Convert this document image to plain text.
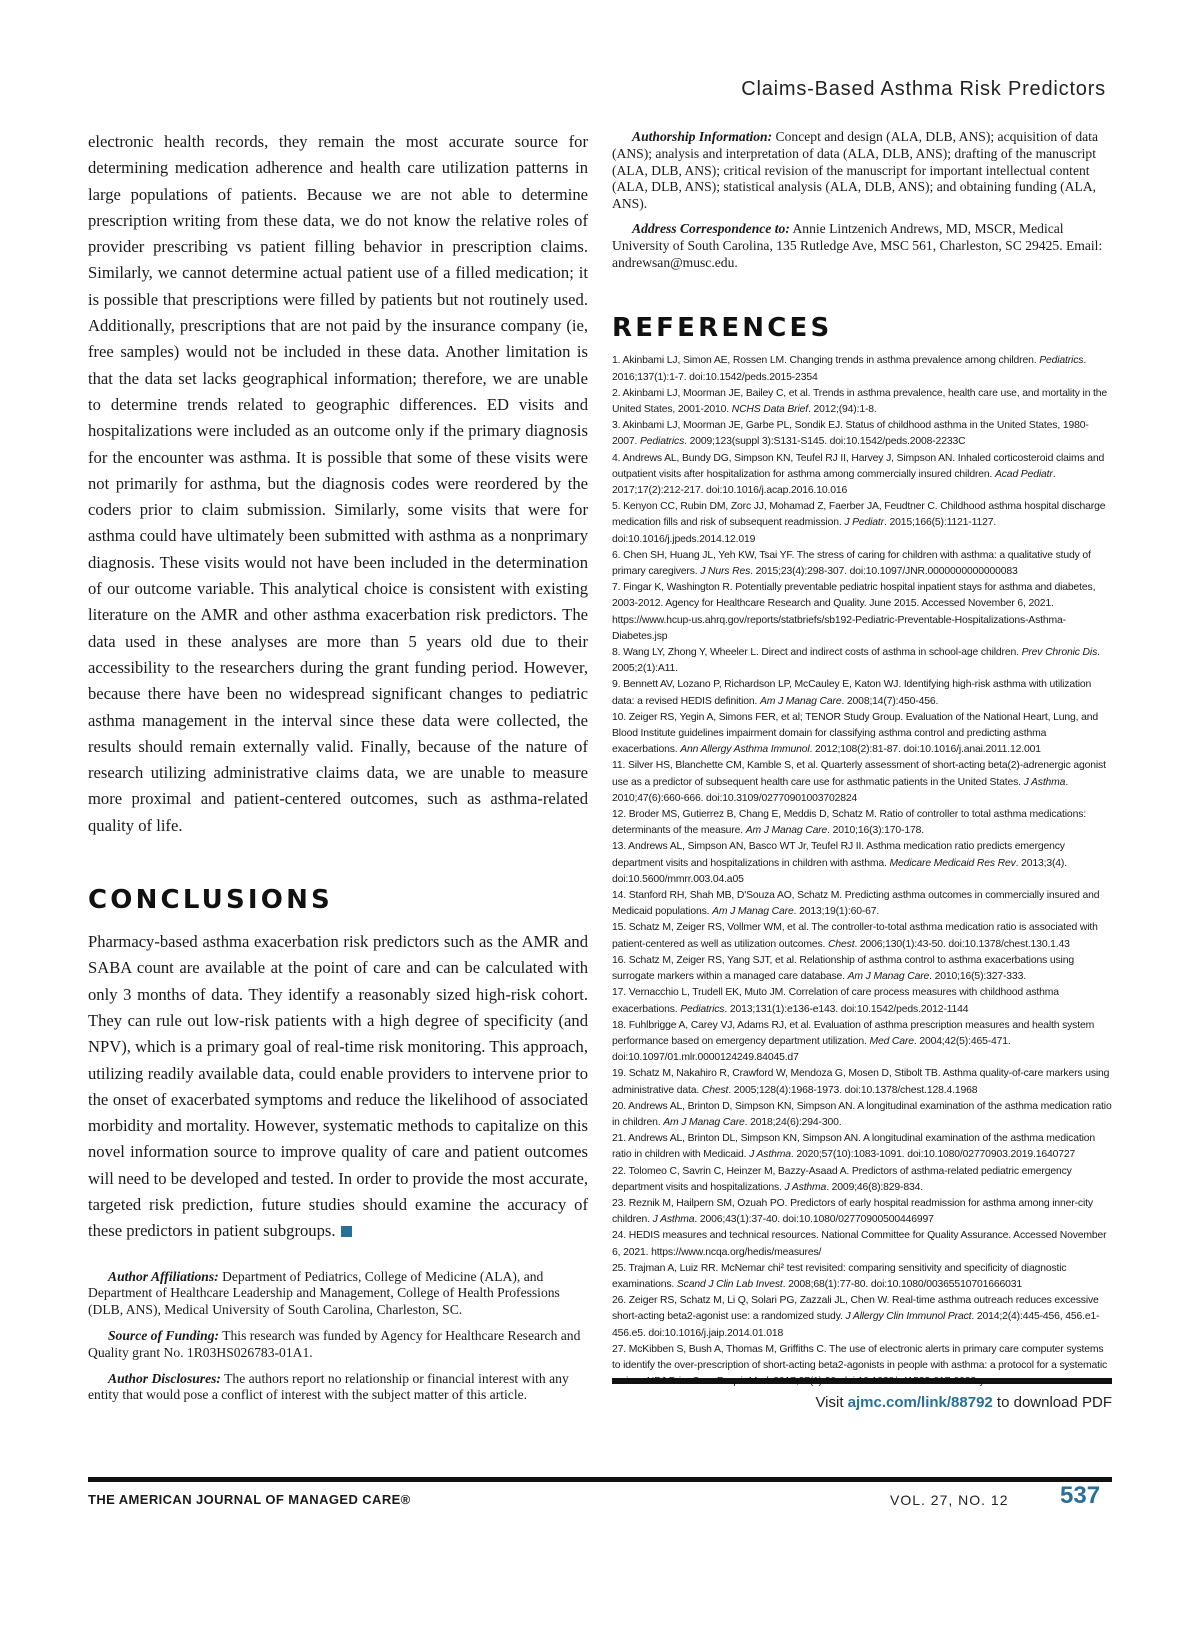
Claims-Based Asthma Risk Predictors

electronic health records, they remain the most accurate source for determining medication adherence and health care utilization patterns in large populations of patients. Because we are not able to determine prescription writing from these data, we do not know the relative roles of provider prescribing vs patient filling behavior in prescription claims. Similarly, we cannot determine actual patient use of a filled medication; it is possible that prescriptions were filled by patients but not routinely used. Additionally, prescriptions that are not paid by the insurance company (ie, free samples) would not be included in these data. Another limitation is that the data set lacks geographical information; therefore, we are unable to determine trends related to geographic differences. ED visits and hospitalizations were included as an outcome only if the primary diagnosis for the encounter was asthma. It is possible that some of these visits were not primarily for asthma, but the diagnosis codes were reordered by the coders prior to claim submission. Similarly, some visits that were for asthma could have ultimately been submitted with asthma as a nonprimary diagnosis. These visits would not have been included in the determination of our outcome variable. This analytical choice is consistent with existing literature on the AMR and other asthma exacerbation risk predictors. The data used in these analyses are more than 5 years old due to their accessibility to the researchers during the grant funding period. However, because there have been no widespread significant changes to pediatric asthma management in the interval since these data were collected, the results should remain externally valid. Finally, because of the nature of research utilizing administrative claims data, we are unable to measure more proximal and patient-centered outcomes, such as asthma-related quality of life.

CONCLUSIONS

Pharmacy-based asthma exacerbation risk predictors such as the AMR and SABA count are available at the point of care and can be calculated with only 3 months of data. They identify a reasonably sized high-risk cohort. They can rule out low-risk patients with a high degree of specificity (and NPV), which is a primary goal of real-time risk monitoring. This approach, utilizing readily available data, could enable providers to intervene prior to the onset of exacerbated symptoms and reduce the likelihood of associated morbidity and mortality. However, systematic methods to capitalize on this novel information source to improve quality of care and patient outcomes will need to be developed and tested. In order to provide the most accurate, targeted risk prediction, future studies should examine the accuracy of these predictors in patient subgroups.

Author Affiliations: Department of Pediatrics, College of Medicine (ALA), and Department of Healthcare Leadership and Management, College of Health Professions (DLB, ANS), Medical University of South Carolina, Charleston, SC.

Source of Funding: This research was funded by Agency for Healthcare Research and Quality grant No. 1R03HS026783-01A1.

Author Disclosures: The authors report no relationship or financial interest with any entity that would pose a conflict of interest with the subject matter of this article.

Authorship Information: Concept and design (ALA, DLB, ANS); acquisition of data (ANS); analysis and interpretation of data (ALA, DLB, ANS); drafting of the manuscript (ALA, DLB, ANS); critical revision of the manuscript for important intellectual content (ALA, DLB, ANS); statistical analysis (ALA, DLB, ANS); and obtaining funding (ALA, ANS).

Address Correspondence to: Annie Lintzenich Andrews, MD, MSCR, Medical University of South Carolina, 135 Rutledge Ave, MSC 561, Charleston, SC 29425. Email: andrewsan@musc.edu.

REFERENCES
1. Akinbami LJ, Simon AE, Rossen LM. Changing trends in asthma prevalence among children. Pediatrics. 2016;137(1):1-7. doi:10.1542/peds.2015-2354
2. Akinbami LJ, Moorman JE, Bailey C, et al. Trends in asthma prevalence, health care use, and mortality in the United States, 2001-2010. NCHS Data Brief. 2012;(94):1-8.
3. Akinbami LJ, Moorman JE, Garbe PL, Sondik EJ. Status of childhood asthma in the United States, 1980-2007. Pediatrics. 2009;123(suppl 3):S131-S145. doi:10.1542/peds.2008-2233C
4. Andrews AL, Bundy DG, Simpson KN, Teufel RJ II, Harvey J, Simpson AN. Inhaled corticosteroid claims and outpatient visits after hospitalization for asthma among commercially insured children. Acad Pediatr. 2017;17(2):212-217. doi:10.1016/j.acap.2016.10.016
5. Kenyon CC, Rubin DM, Zorc JJ, Mohamad Z, Faerber JA, Feudtner C. Childhood asthma hospital discharge medication fills and risk of subsequent readmission. J Pediatr. 2015;166(5):1121-1127. doi:10.1016/j.jpeds.2014.12.019
6. Chen SH, Huang JL, Yeh KW, Tsai YF. The stress of caring for children with asthma: a qualitative study of primary caregivers. J Nurs Res. 2015;23(4):298-307. doi:10.1097/JNR.0000000000000083
7. Fingar K, Washington R. Potentially preventable pediatric hospital inpatient stays for asthma and diabetes, 2003-2012. Agency for Healthcare Research and Quality. June 2015. Accessed November 6, 2021. https://www.hcup-us.ahrq.gov/reports/statbriefs/sb192-Pediatric-Preventable-Hospitalizations-Asthma-Diabetes.jsp
8. Wang LY, Zhong Y, Wheeler L. Direct and indirect costs of asthma in school-age children. Prev Chronic Dis. 2005;2(1):A11.
9. Bennett AV, Lozano P, Richardson LP, McCauley E, Katon WJ. Identifying high-risk asthma with utilization data: a revised HEDIS definition. Am J Manag Care. 2008;14(7):450-456.
10. Zeiger RS, Yegin A, Simons FER, et al; TENOR Study Group. Evaluation of the National Heart, Lung, and Blood Institute guidelines impairment domain for classifying asthma control and predicting asthma exacerbations. Ann Allergy Asthma Immunol. 2012;108(2):81-87. doi:10.1016/j.anai.2011.12.001
11. Silver HS, Blanchette CM, Kamble S, et al. Quarterly assessment of short-acting beta(2)-adrenergic agonist use as a predictor of subsequent health care use for asthmatic patients in the United States. J Asthma. 2010;47(6):660-666. doi:10.3109/02770901003702824
12. Broder MS, Gutierrez B, Chang E, Meddis D, Schatz M. Ratio of controller to total asthma medications: determinants of the measure. Am J Manag Care. 2010;16(3):170-178.
13. Andrews AL, Simpson AN, Basco WT Jr, Teufel RJ II. Asthma medication ratio predicts emergency department visits and hospitalizations in children with asthma. Medicare Medicaid Res Rev. 2013;3(4). doi:10.5600/mmrr.003.04.a05
14. Stanford RH, Shah MB, D'Souza AO, Schatz M. Predicting asthma outcomes in commercially insured and Medicaid populations. Am J Manag Care. 2013;19(1):60-67.
15. Schatz M, Zeiger RS, Vollmer WM, et al. The controller-to-total asthma medication ratio is associated with patient-centered as well as utilization outcomes. Chest. 2006;130(1):43-50. doi:10.1378/chest.130.1.43
16. Schatz M, Zeiger RS, Yang SJT, et al. Relationship of asthma control to asthma exacerbations using surrogate markers within a managed care database. Am J Manag Care. 2010;16(5):327-333.
17. Vernacchio L, Trudell EK, Muto JM. Correlation of care process measures with childhood asthma exacerbations. Pediatrics. 2013;131(1):e136-e143. doi:10.1542/peds.2012-1144
18. Fuhlbrigge A, Carey VJ, Adams RJ, et al. Evaluation of asthma prescription measures and health system performance based on emergency department utilization. Med Care. 2004;42(5):465-471. doi:10.1097/01.mlr.0000124249.84045.d7
19. Schatz M, Nakahiro R, Crawford W, Mendoza G, Mosen D, Stibolt TB. Asthma quality-of-care markers using administrative data. Chest. 2005;128(4):1968-1973. doi:10.1378/chest.128.4.1968
20. Andrews AL, Brinton D, Simpson KN, Simpson AN. A longitudinal examination of the asthma medication ratio in children. Am J Manag Care. 2018;24(6):294-300.
21. Andrews AL, Brinton DL, Simpson KN, Simpson AN. A longitudinal examination of the asthma medication ratio in children with Medicaid. J Asthma. 2020;57(10):1083-1091. doi:10.1080/02770903.2019.1640727
22. Tolomeo C, Savrin C, Heinzer M, Bazzy-Asaad A. Predictors of asthma-related pediatric emergency department visits and hospitalizations. J Asthma. 2009;46(8):829-834.
23. Reznik M, Hailpern SM, Ozuah PO. Predictors of early hospital readmission for asthma among inner-city children. J Asthma. 2006;43(1):37-40. doi:10.1080/02770900500446997
24. HEDIS measures and technical resources. National Committee for Quality Assurance. Accessed November 6, 2021. https://www.ncqa.org/hedis/measures/
25. Trajman A, Luiz RR. McNemar chi² test revisited: comparing sensitivity and specificity of diagnostic examinations. Scand J Clin Lab Invest. 2008;68(1):77-80. doi:10.1080/00365510701666031
26. Zeiger RS, Schatz M, Li Q, Solari PG, Zazzali JL, Chen W. Real-time asthma outreach reduces excessive short-acting beta2-agonist use: a randomized study. J Allergy Clin Immunol Pract. 2014;2(4):445-456, 456.e1-456.e5. doi:10.1016/j.jaip.2014.01.018
27. McKibben S, Bush A, Thomas M, Griffiths C. The use of electronic alerts in primary care computer systems to identify the over-prescription of short-acting beta2-agonists in people with asthma: a protocol for a systematic
Visit ajmc.com/link/88792 to download PDF
THE AMERICAN JOURNAL OF MANAGED CARE®	VOL. 27, NO. 12 537
